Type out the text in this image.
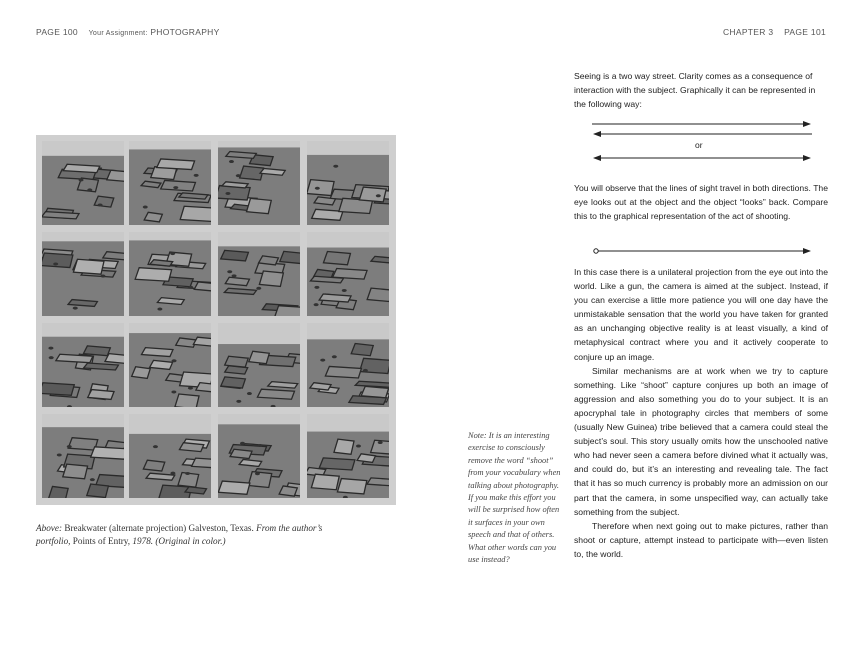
PAGE 100 Your Assignment: PHOTOGRAPHY	CHAPTER 3 PAGE 101
Above: Breakwater (alternate projection) Galveston, Texas. From the author’s portfolio, Points of Entry, 1978. (Original in color.)
Note: It is an interesting exercise to consciously remove the word “shoot” from your vocabulary when talking about photography. If you make this effort you will be surprised how often it surfaces in your own speech and that of others. What other words can you use instead?

Seeing is a two way street. Clarity comes as a consequence of interaction with the subject. Graphically it can be represented in the following way:

or

You will observe that the lines of sight travel in both directions. The eye looks out at the object and the object “looks” back. Compare this to the graphical representation of the act of shooting.

In this case there is a unilateral projection from the eye out into the world. Like a gun, the camera is aimed at the subject. Instead, if you can exercise a little more patience you will one day have the unmistakable sensation that the world you have taken for granted as an unchanging objective reality is at least visually, a kind of metaphysical contract where you and it actively cooperate to conjure up an image.

Similar mechanisms are at work when we try to capture something. Like “shoot” capture conjures up both an image of aggression and also something you do to your subject. It is an apocryphal tale in photography circles that members of some (usually New Guinea) tribe believed that a camera could steal the subject’s soul. This story usually omits how the unschooled native who had never seen a camera before divined what it actually was, and could do, but it’s an interesting and revealing tale. The fact that it has so much currency is probably more an admission on our part that the camera, in some unspecified way, can actually take something from the subject.

Therefore when next going out to make pictures, rather than shoot or capture, attempt instead to participate with—even listen to, the world.
